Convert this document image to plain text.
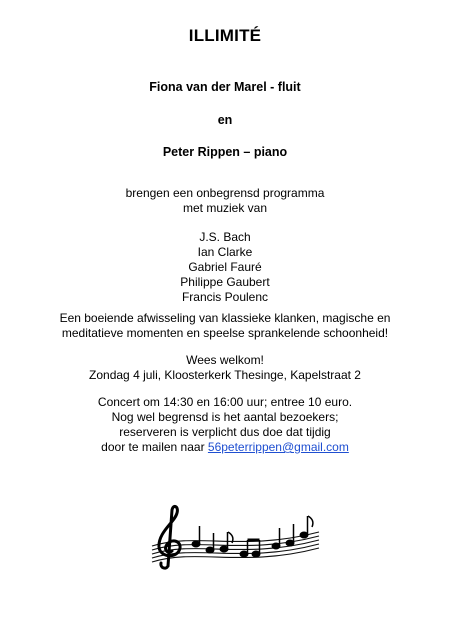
ILLIMITÉ
Fiona van der Marel - fluit
en
Peter Rippen – piano
brengen een onbegrensd programma
met muziek van
J.S. Bach
Ian Clarke
Gabriel Fauré
Philippe Gaubert
Francis Poulenc
Een boeiende afwisseling van klassieke klanken, magische en
meditatieve momenten en speelse sprankelende schoonheid!
Wees welkom!
Zondag 4 juli, Kloosterkerk Thesinge, Kapelstraat 2
Concert om 14:30 en 16:00 uur; entree 10 euro.
Nog wel begrensd is het aantal bezoekers;
reserveren is verplicht dus doe dat tijdig
door te mailen naar 56peterrippen@gmail.com
